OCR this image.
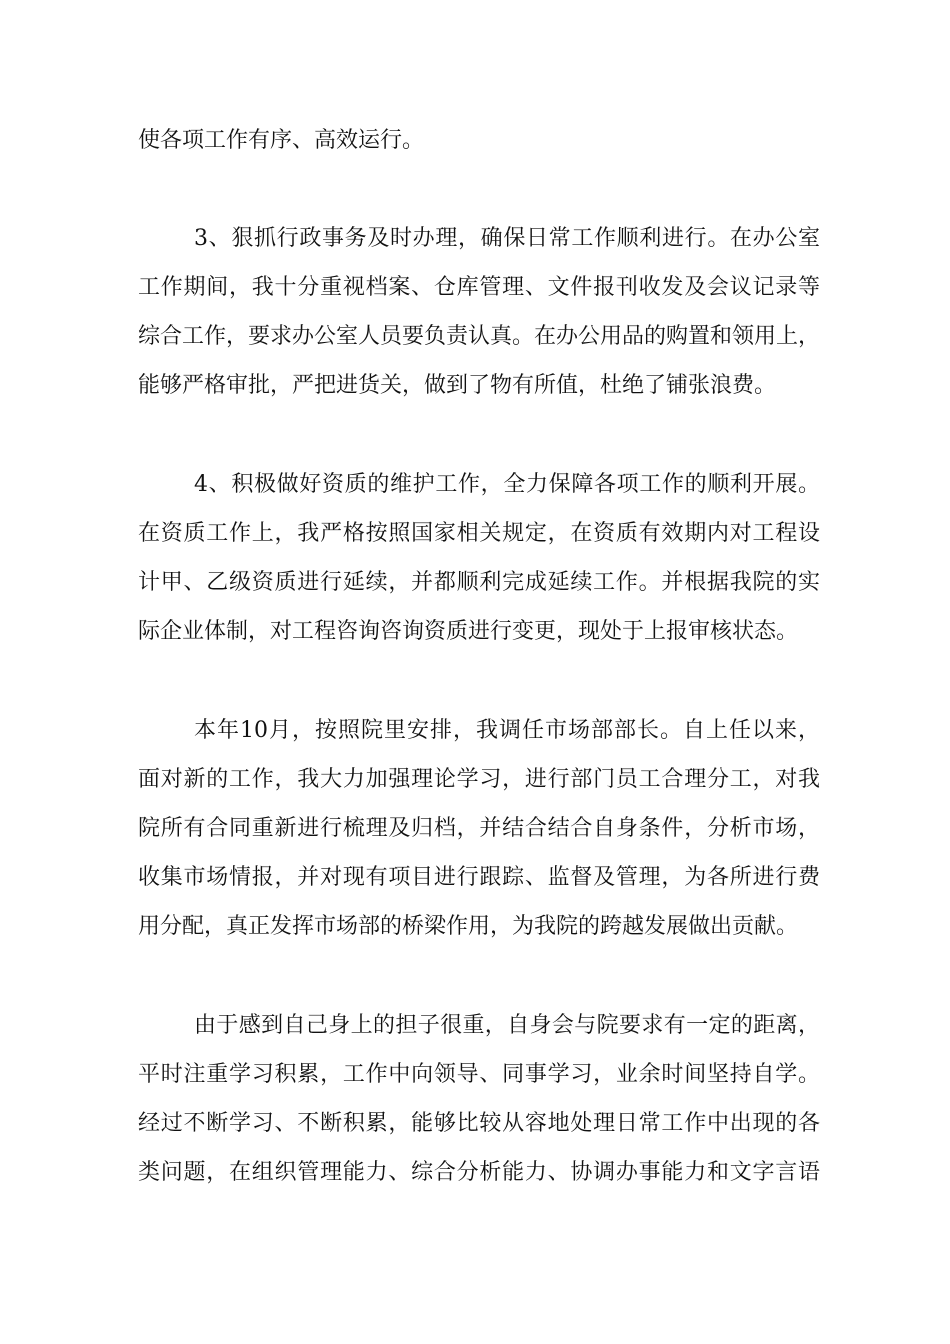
使各项工作有序、高效运行。
3、狠抓行政事务及时办理，确保日常工作顺利进行。在办公室
工作期间，我十分重视档案、仓库管理、文件报刊收发及会议记录等
综合工作，要求办公室人员要负责认真。在办公用品的购置和领用上，
能够严格审批，严把进货关，做到了物有所值，杜绝了铺张浪费。
4、积极做好资质的维护工作，全力保障各项工作的顺利开展。
在资质工作上，我严格按照国家相关规定，在资质有效期内对工程设
计甲、乙级资质进行延续，并都顺利完成延续工作。并根据我院的实
际企业体制，对工程咨询咨询资质进行变更，现处于上报审核状态。
本年10月，按照院里安排，我调任市场部部长。自上任以来，
面对新的工作，我大力加强理论学习，进行部门员工合理分工，对我
院所有合同重新进行梳理及归档，并结合结合自身条件，分析市场，
收集市场情报，并对现有项目进行跟踪、监督及管理，为各所进行费
用分配，真正发挥市场部的桥梁作用，为我院的跨越发展做出贡献。
由于感到自己身上的担子很重，自身会与院要求有一定的距离，
平时注重学习积累，工作中向领导、同事学习，业余时间坚持自学。
经过不断学习、不断积累，能够比较从容地处理日常工作中出现的各
类问题，在组织管理能力、综合分析能力、协调办事能力和文字言语
